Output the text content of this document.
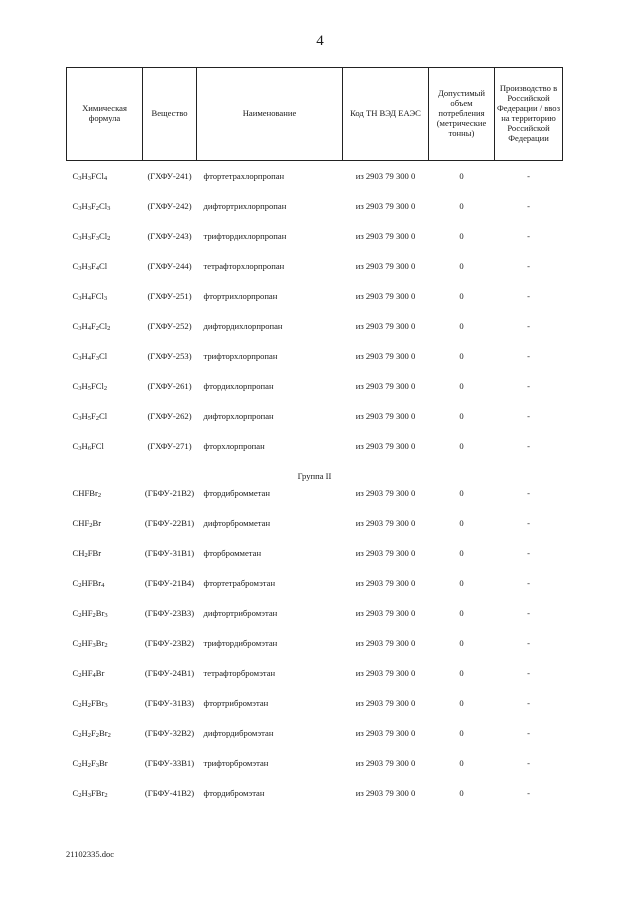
4
Химическая формула	Вещество	Наименование	Код ТН ВЭД ЕАЭС	Допустимый объем потребления (метрические тонны)	Производство в Российской Федерации / ввоз на территорию Российской Федерации

$C_3H_3FCl_4$	(ГХФУ-241)	фтортетрахлорпропан	из 2903 79 300 0	0	-
$C_3H_3F_2Cl_3$	(ГХФУ-242)	дифтортрихлорпропан	из 2903 79 300 0	0	-
$C_3H_3F_3Cl_2$	(ГХФУ-243)	трифтордихлорпропан	из 2903 79 300 0	0	-
$C_3H_3F_4Cl$	(ГХФУ-244)	тетрафторхлорпропан	из 2903 79 300 0	0	-
$C_3H_4FCl_3$	(ГХФУ-251)	фтортрихлорпропан	из 2903 79 300 0	0	-
$C_3H_4F_2Cl_2$	(ГХФУ-252)	дифтордихлорпропан	из 2903 79 300 0	0	-
$C_3H_4F_3Cl$	(ГХФУ-253)	трифторхлорпропан	из 2903 79 300 0	0	-
$C_3H_5FCl_2$	(ГХФУ-261)	фтордихлорпропан	из 2903 79 300 0	0	-
$C_3H_5F_2Cl$	(ГХФУ-262)	дифторхлорпропан	из 2903 79 300 0	0	-
$C_3H_6FCl$	(ГХФУ-271)	фторхлорпропан	из 2903 79 300 0	0	-
Группа II					
CHFBr$_2$	(ГБФУ-21B2)	фтордибромметан	из 2903 79 300 0	0	-
$CHF_2Br$	(ГБФУ-22B1)	дифторбромметан	из 2903 79 300 0	0	-
$CH_2FBr$	(ГБФУ-31B1)	фторбромметан	из 2903 79 300 0	0	-
$C_2HFBr_4$	(ГБФУ-21B4)	фтортетрабромэтан	из 2903 79 300 0	0	-
$C_2HF_2Br_3$	(ГБФУ-23B3)	дифтортрибромэтан	из 2903 79 300 0	0	-
$C_2HF_3Br_2$	(ГБФУ-23B2)	трифтордибромэтан	из 2903 79 300 0	0	-
$C_2HF_4Br$	(ГБФУ-24B1)	тетрафторбромэтан	из 2903 79 300 0	0	-
$C_2H_2FBr_3$	(ГБФУ-31B3)	фтортрибромэтан	из 2903 79 300 0	0	-
$C_2H_2F_2Br_2$	(ГБФУ-32B2)	дифтордибромэтан	из 2903 79 300 0	0	-
$C_2H_2F_3Br$	(ГБФУ-33B1)	трифторбромэтан	из 2903 79 300 0	0	-
$C_2H_3FBr_2$	(ГБФУ-41B2)	фтордибромэтан	из 2903 79 300 0	0	-
21102335.doc
